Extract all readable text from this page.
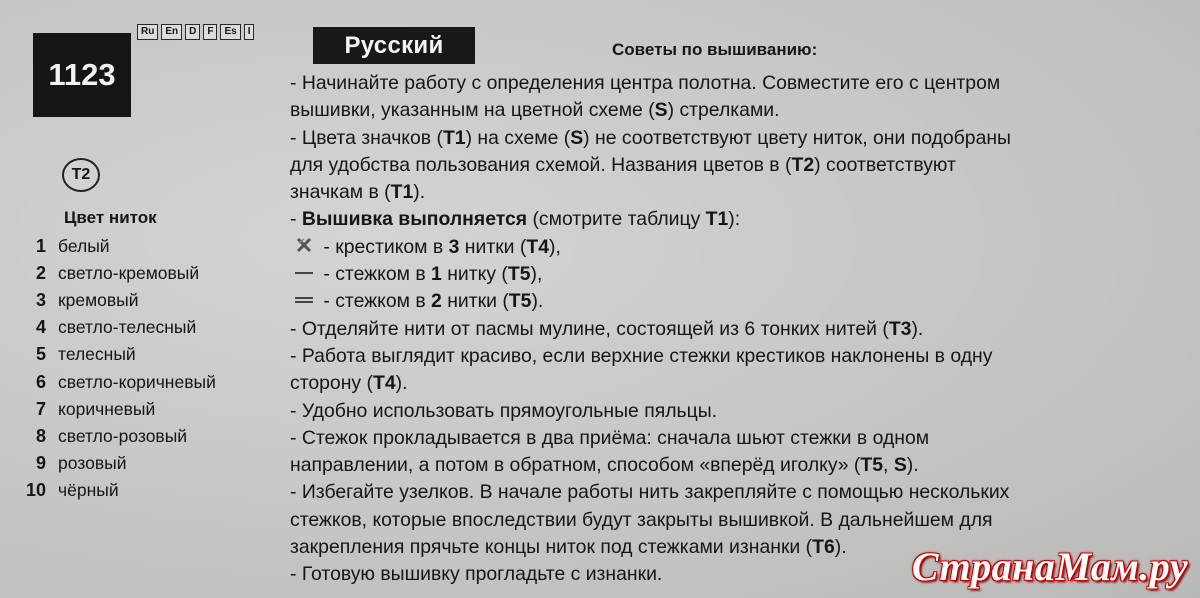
1123
Ru	En	D	F	Es	I	Русский	Советы по вышиванию:
T2
Цвет ниток
1 белый
2 светло-кремовый
3 кремовый
4 светло-телесный
5 телесный
6 светло-коричневый
7 коричневый
8 светло-розовый
9 розовый
10 чёрный
- Начинайте работу с определения центра полотна. Совместите его с центром
вышивки, указанным на цветной схеме (S) стрелками.
- Цвета значков (T1) на схеме (S) не соответствуют цвету ниток, они подобраны
для удобства пользования схемой. Названия цветов в (T2) соответствуют
значкам в (T1).
- Вышивка выполняется (смотрите таблицу T1):
- крестиком в 3 нитки (T4),
- стежком в 1 нитку (T5),
- стежком в 2 нитки (T5).
- Отделяйте нити от пасмы мулине, состоящей из 6 тонких нитей (T3).
- Работа выглядит красиво, если верхние стежки крестиков наклонены в одну
сторону (T4).
- Удобно использовать прямоугольные пяльцы.
- Стежок прокладывается в два приёма: сначала шьют стежки в одном
направлении, а потом в обратном, способом «вперёд иголку» (T5, S).
- Избегайте узелков. В начале работы нить закрепляйте с помощью нескольких
стежков, которые впоследствии будут закрыты вышивкой. В дальнейшем для
закрепления прячьте концы ниток под стежками изнанки (T6).
- Готовую вышивку прогладьте с изнанки.	СтранаМам.ру
